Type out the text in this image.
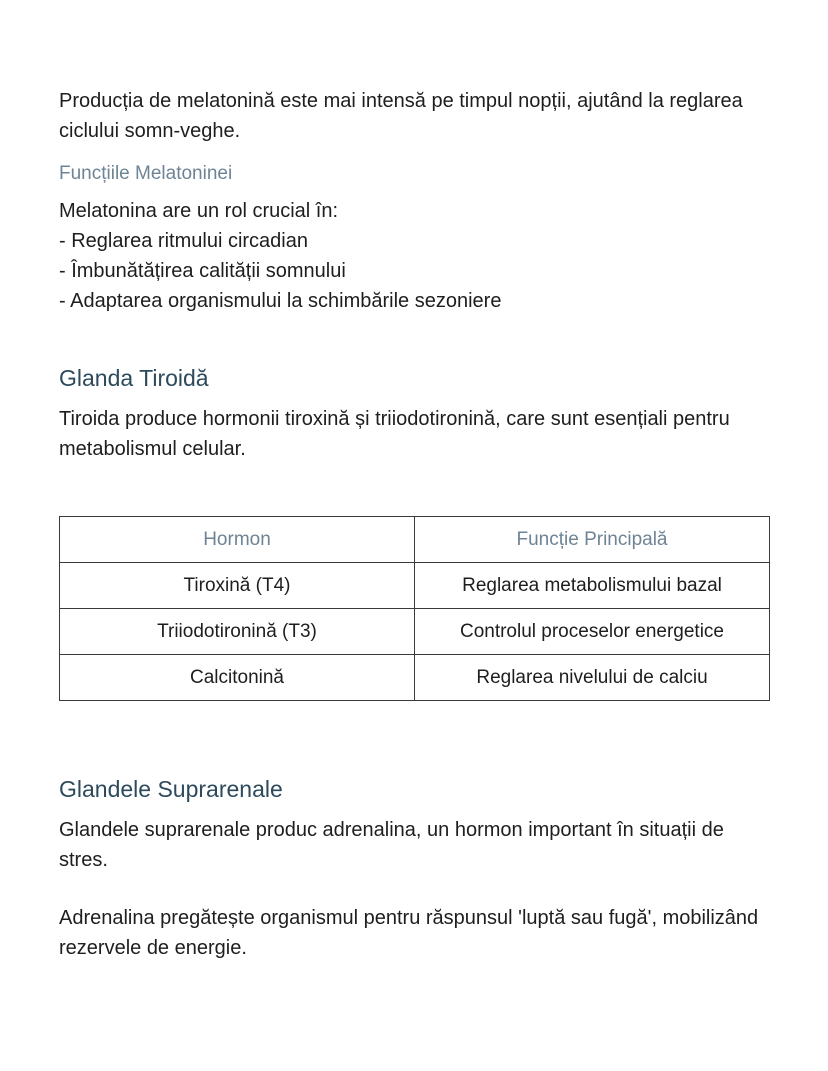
Producția de melatonină este mai intensă pe timpul nopții, ajutând la reglarea ciclului somn-veghe.

Funcțiile Melatoninei

Melatonina are un rol crucial în:

- Reglarea ritmului circadian
- Îmbunătățirea calității somnului
- Adaptarea organismului la schimbările sezoniere
Glanda Tiroidă

Tiroida produce hormonii tiroxină și triiodotironină, care sunt esențiali pentru metabolismul celular.

Hormon	Funcție Principală
Tiroxină (T4)	Reglarea metabolismului bazal
Triiodotironină (T3)	Controlul proceselor energetice
Calcitonină	Reglarea nivelului de calciu
Glandele Suprarenale

Glandele suprarenale produc adrenalina, un hormon important în situații de stres.

Adrenalina pregătește organismul pentru răspunsul 'luptă sau fugă', mobilizând rezervele de energie.
